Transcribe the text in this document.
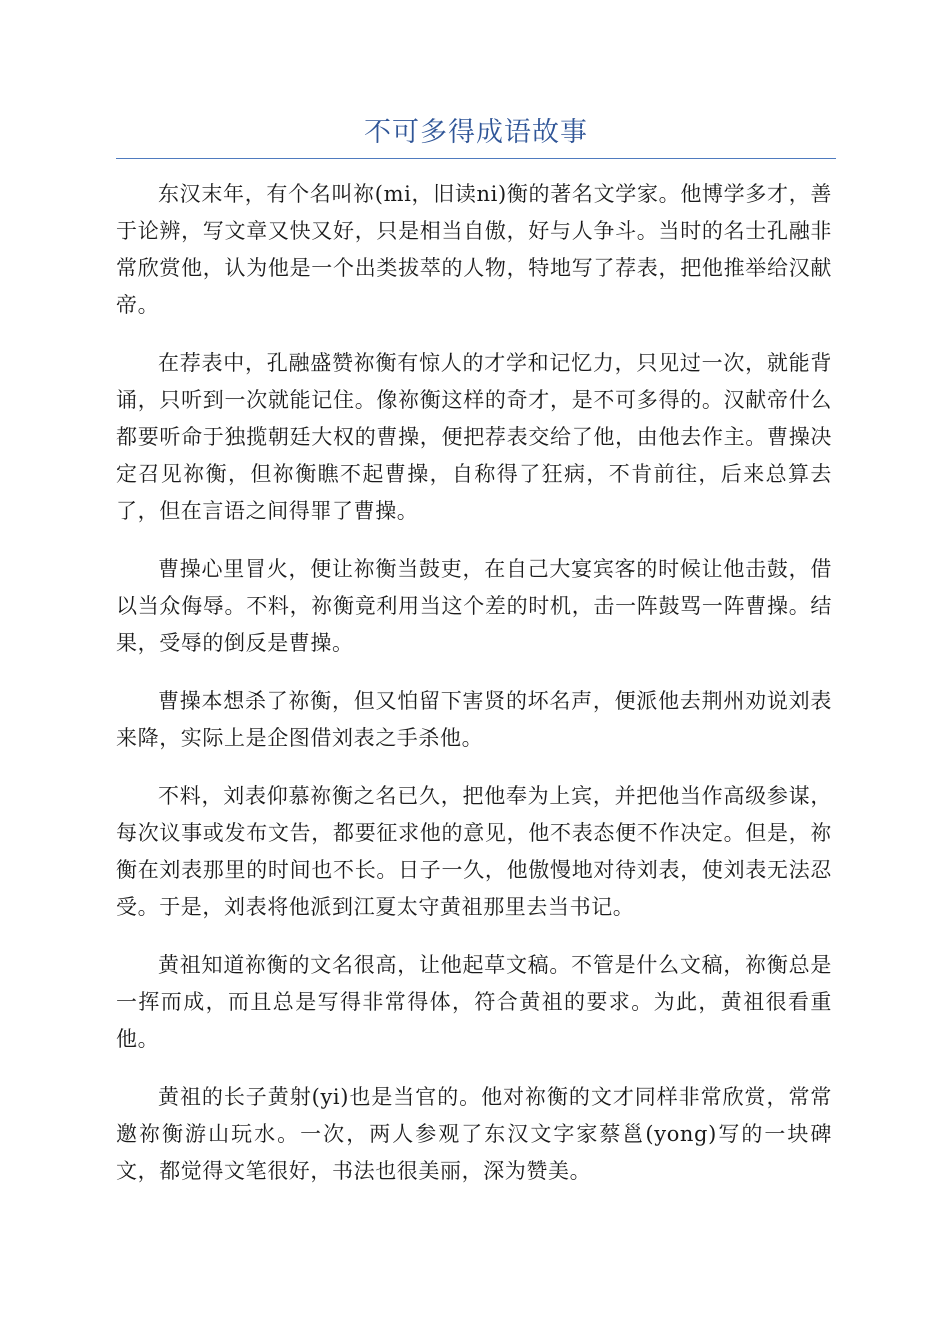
不可多得成语故事

东汉末年，有个名叫祢(mi，旧读ni)衡的著名文学家。他博学多才，善于论辨，写文章又快又好，只是相当自傲，好与人争斗。当时的名士孔融非常欣赏他，认为他是一个出类拔萃的人物，特地写了荐表，把他推举给汉献帝。

在荐表中，孔融盛赞祢衡有惊人的才学和记忆力，只见过一次，就能背诵，只听到一次就能记住。像祢衡这样的奇才，是不可多得的。汉献帝什么都要听命于独揽朝廷大权的曹操，便把荐表交给了他，由他去作主。曹操决定召见祢衡，但祢衡瞧不起曹操，自称得了狂病，不肯前往，后来总算去了，但在言语之间得罪了曹操。

曹操心里冒火，便让祢衡当鼓吏，在自己大宴宾客的时候让他击鼓，借以当众侮辱。不料，祢衡竟利用当这个差的时机，击一阵鼓骂一阵曹操。结果，受辱的倒反是曹操。

曹操本想杀了祢衡，但又怕留下害贤的坏名声，便派他去荆州劝说刘表来降，实际上是企图借刘表之手杀他。

不料，刘表仰慕祢衡之名已久，把他奉为上宾，并把他当作高级参谋，每次议事或发布文告，都要征求他的意见，他不表态便不作决定。但是，祢衡在刘表那里的时间也不长。日子一久，他傲慢地对待刘表，使刘表无法忍受。于是，刘表将他派到江夏太守黄祖那里去当书记。

黄祖知道祢衡的文名很高，让他起草文稿。不管是什么文稿，祢衡总是一挥而成，而且总是写得非常得体，符合黄祖的要求。为此，黄祖很看重他。

黄祖的长子黄射(yi)也是当官的。他对祢衡的文才同样非常欣赏，常常邀祢衡游山玩水。一次，两人参观了东汉文字家蔡邕(yong)写的一块碑文，都觉得文笔很好，书法也很美丽，深为赞美。
